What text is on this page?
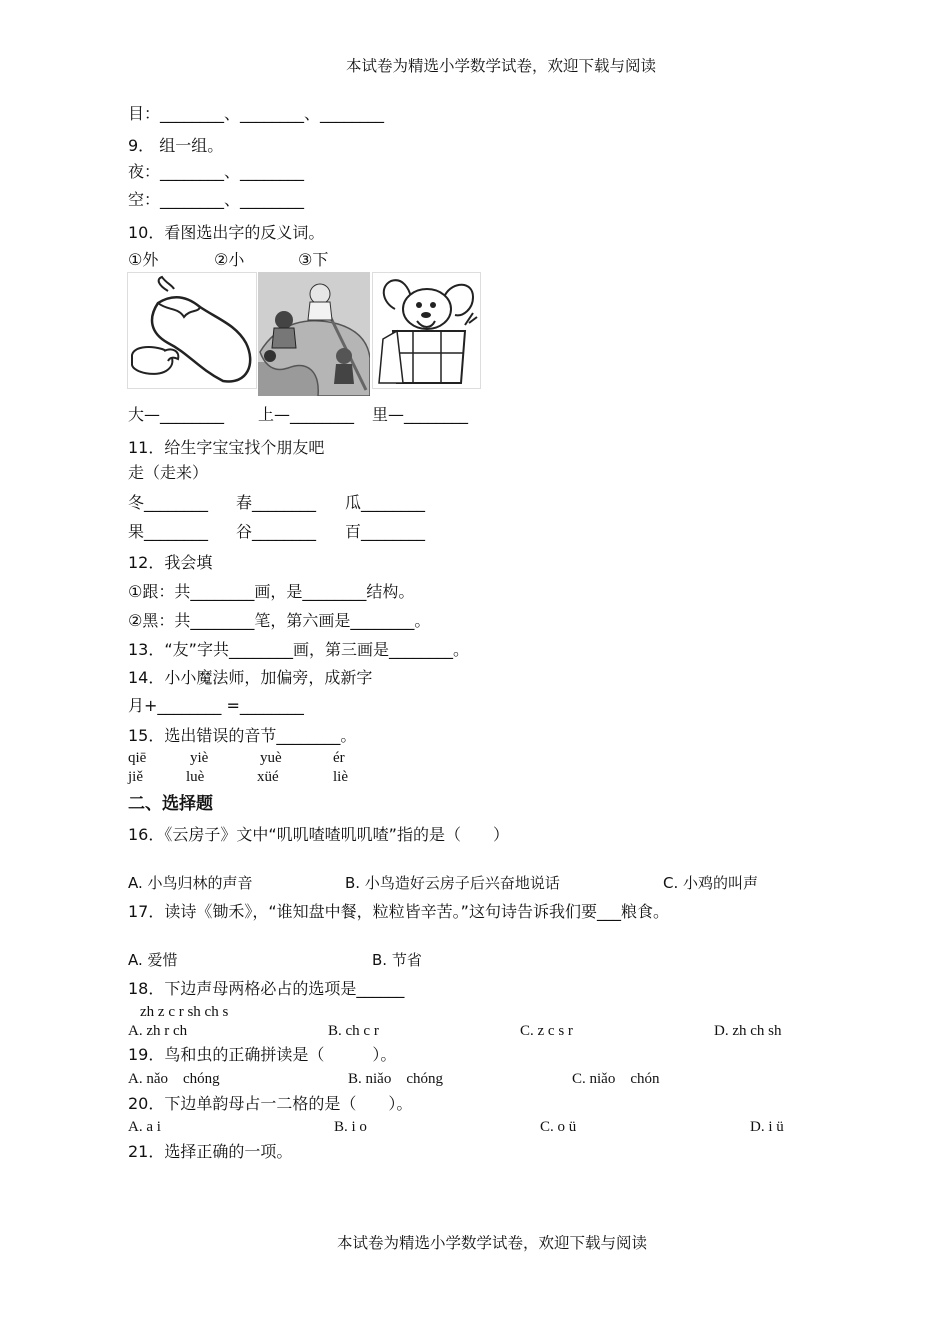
本试卷为精选小学数学试卷，欢迎下载与阅读
目：________、________、________
9． 组一组。
夜：________、________
空：________、________
10．看图选出字的反义词。
①外	②小	③下
大—________ 上—________ 里—________
11．给生字宝宝找个朋友吧
走（走来）
冬________ 春________ 瓜________
果________ 谷________ 百________
12．我会填
①跟：共________画，是________结构。
②黑：共________笔，第六画是________。
13．“友”字共________画，第三画是________。
14．小小魔法师，加偏旁，成新字
月+________ =________
15．选出错误的音节________。
qiē	yiè	yuè	ér
jiě	luè	xüé	liè
二、选择题
16．《云房子》文中“叽叽喳喳叽叽喳”指的是（　　）
A. 小鸟归林的声音	B. 小鸟造好云房子后兴奋地说话	C. 小鸡的叫声
17．读诗《锄禾》，“谁知盘中餐，粒粒皆辛苦。”这句诗告诉我们要___粮食。
A. 爱惜	B. 节省
18．下边声母两格必占的选项是______
zh z c r sh ch s
A. zh r ch	B. ch c r	C. z c s r	D. zh ch sh
19．鸟和虫的正确拼读是（　　　）。
A. nǎo　chóng	B. niǎo　chóng	C. niǎo　chón
20．下边单韵母占一二格的是（　　）。
A. a i	B. i o	C. o ü	D. i ü
21．选择正确的一项。
本试卷为精选小学数学试卷，欢迎下载与阅读
